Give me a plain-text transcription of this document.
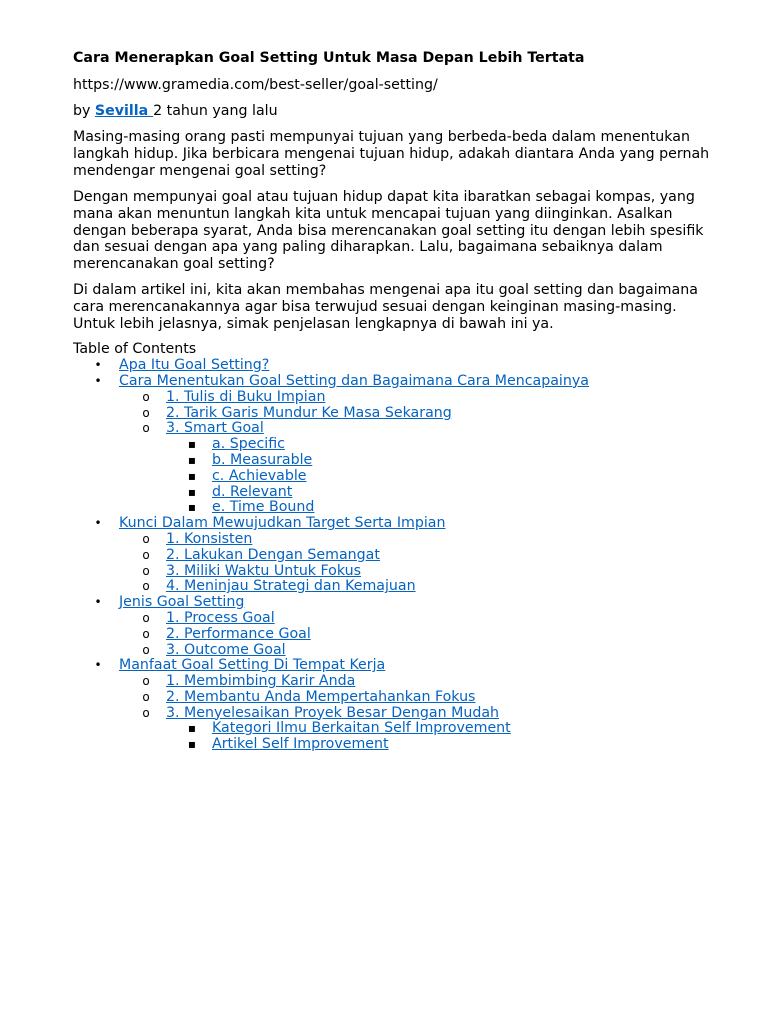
Cara Menerapkan Goal Setting Untuk Masa Depan Lebih Tertata

https://www.gramedia.com/best-seller/goal-setting/

by Sevilla 2 tahun yang lalu

Masing-masing orang pasti mempunyai tujuan yang berbeda-beda dalam menentukan langkah hidup. Jika berbicara mengenai tujuan hidup, adakah diantara Anda yang pernah mendengar mengenai goal setting?

Dengan mempunyai goal atau tujuan hidup dapat kita ibaratkan sebagai kompas, yang mana akan menuntun langkah kita untuk mencapai tujuan yang diinginkan. Asalkan dengan beberapa syarat, Anda bisa merencanakan goal setting itu dengan lebih spesifik dan sesuai dengan apa yang paling diharapkan. Lalu, bagaimana sebaiknya dalam merencanakan goal setting?

Di dalam artikel ini, kita akan membahas mengenai apa itu goal setting dan bagaimana cara merencanakannya agar bisa terwujud sesuai dengan keinginan masing-masing. Untuk lebih jelasnya, simak penjelasan lengkapnya di bawah ini ya.

Table of Contents
• Apa Itu Goal Setting?
• Cara Menentukan Goal Setting dan Bagaimana Cara Mencapainya
o 1. Tulis di Buku Impian
o 2. Tarik Garis Mundur Ke Masa Sekarang
o 3. Smart Goal
▪ a. Specific
▪ b. Measurable
▪ c. Achievable
▪ d. Relevant
▪ e. Time Bound
• Kunci Dalam Mewujudkan Target Serta Impian
o 1. Konsisten
o 2. Lakukan Dengan Semangat
o 3. Miliki Waktu Untuk Fokus
o 4. Meninjau Strategi dan Kemajuan
• Jenis Goal Setting
o 1. Process Goal
o 2. Performance Goal
o 3. Outcome Goal
• Manfaat Goal Setting Di Tempat Kerja
o 1. Membimbing Karir Anda
o 2. Membantu Anda Mempertahankan Fokus
o 3. Menyelesaikan Proyek Besar Dengan Mudah
▪ Kategori Ilmu Berkaitan Self Improvement
▪ Artikel Self Improvement
